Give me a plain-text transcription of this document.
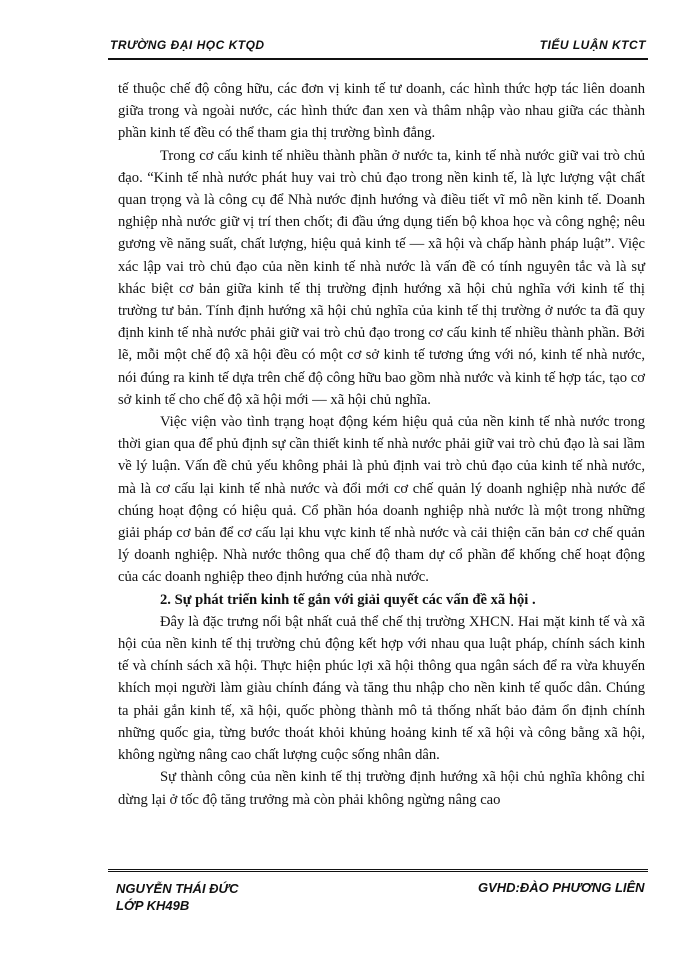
TRƯỜNG ĐẠI HỌC KTQD	TIỂU LUẬN KTCT

tế thuộc chế độ công hữu, các đơn vị kinh tế tư doanh, các hình thức hợp tác liên doanh giữa trong và ngoài nước, các hình thức đan xen và thâm nhập vào nhau giữa các thành phần kinh tế đều có thể tham gia thị trường bình đẳng.

Trong cơ cấu kinh tế nhiều thành phần ở nước ta, kinh tế nhà nước giữ vai trò chủ đạo. “Kinh tế nhà nước phát huy vai trò chủ đạo trong nền kinh tế, là lực lượng vật chất quan trọng và là công cụ để Nhà nước định hướng và điều tiết vĩ mô nền kinh tế. Doanh nghiệp nhà nước giữ vị trí then chốt; đi đầu ứng dụng tiến bộ khoa học và công nghệ; nêu gương về năng suất, chất lượng, hiệu quả kinh tế — xã hội và chấp hành pháp luật”. Việc xác lập vai trò chủ đạo của nền kinh tế nhà nước là vấn đề có tính nguyên tắc và là sự khác biệt cơ bản giữa kinh tế thị trường định hướng xã hội chủ nghĩa với kinh tế thị trường tư bản. Tính định hướng xã hội chủ nghĩa của kinh tế thị trường ở nước ta đã quy định kinh tế nhà nước phải giữ vai trò chủ đạo trong cơ cấu kinh tế nhiều thành phần. Bởi lẽ, mỗi một chế độ xã hội đều có một cơ sở kinh tế tương ứng với nó, kinh tế nhà nước, nói đúng ra kinh tế dựa trên chế độ công hữu bao gồm nhà nước và kinh tế hợp tác, tạo cơ sở kinh tế cho chế độ xã hội mới — xã hội chủ nghĩa.

Việc viện vào tình trạng hoạt động kém hiệu quả của nền kinh tế nhà nước trong thời gian qua để phủ định sự cần thiết kinh tế nhà nước phải giữ vai trò chủ đạo là sai lầm về lý luận. Vấn đề chủ yếu không phải là phủ định vai trò chủ đạo của kinh tế nhà nước, mà là cơ cấu lại kinh tế nhà nước và đổi mới cơ chế quản lý doanh nghiệp nhà nước để chúng hoạt động có hiệu quả. Cổ phần hóa doanh nghiệp nhà nước là một trong những giải pháp cơ bản để cơ cấu lại khu vực kinh tế nhà nước và cải thiện căn bản cơ chế quản lý doanh nghiệp. Nhà nước thông qua chế độ tham dự cổ phần để khống chế hoạt động của các doanh nghiệp theo định hướng của nhà nước.

2. Sự phát triển kinh tế gắn với giải quyết các vấn đề xã hội .

Đây là đặc trưng nổi bật nhất cuả thể chế thị trường XHCN. Hai mặt kinh tế và xã hội của nền kinh tế thị trường chủ động kết hợp với nhau qua luật pháp, chính sách kinh tế và chính sách xã hội. Thực hiện phúc lợi xã hội thông qua ngân sách để ra vừa khuyến khích mọi người làm giàu chính đáng và tăng thu nhập cho nền kinh tế quốc dân. Chúng ta phải gắn kinh tế, xã hội, quốc phòng thành mô tả thống nhất bảo đảm ổn định chính những quốc gia, từng bước thoát khỏi khủng hoảng kinh tế xã hội và công bằng xã hội, không ngừng nâng cao chất lượng cuộc sống nhân dân.

Sự thành công của nền kinh tế thị trường định hướng xã hội chủ nghĩa không chỉ dừng lại ở tốc độ tăng trưởng mà còn phải không ngừng nâng cao

NGUYỄN THÁI ĐỨC
LỚP KH49B
GVHD:ĐÀO PHƯƠNG LIÊN
